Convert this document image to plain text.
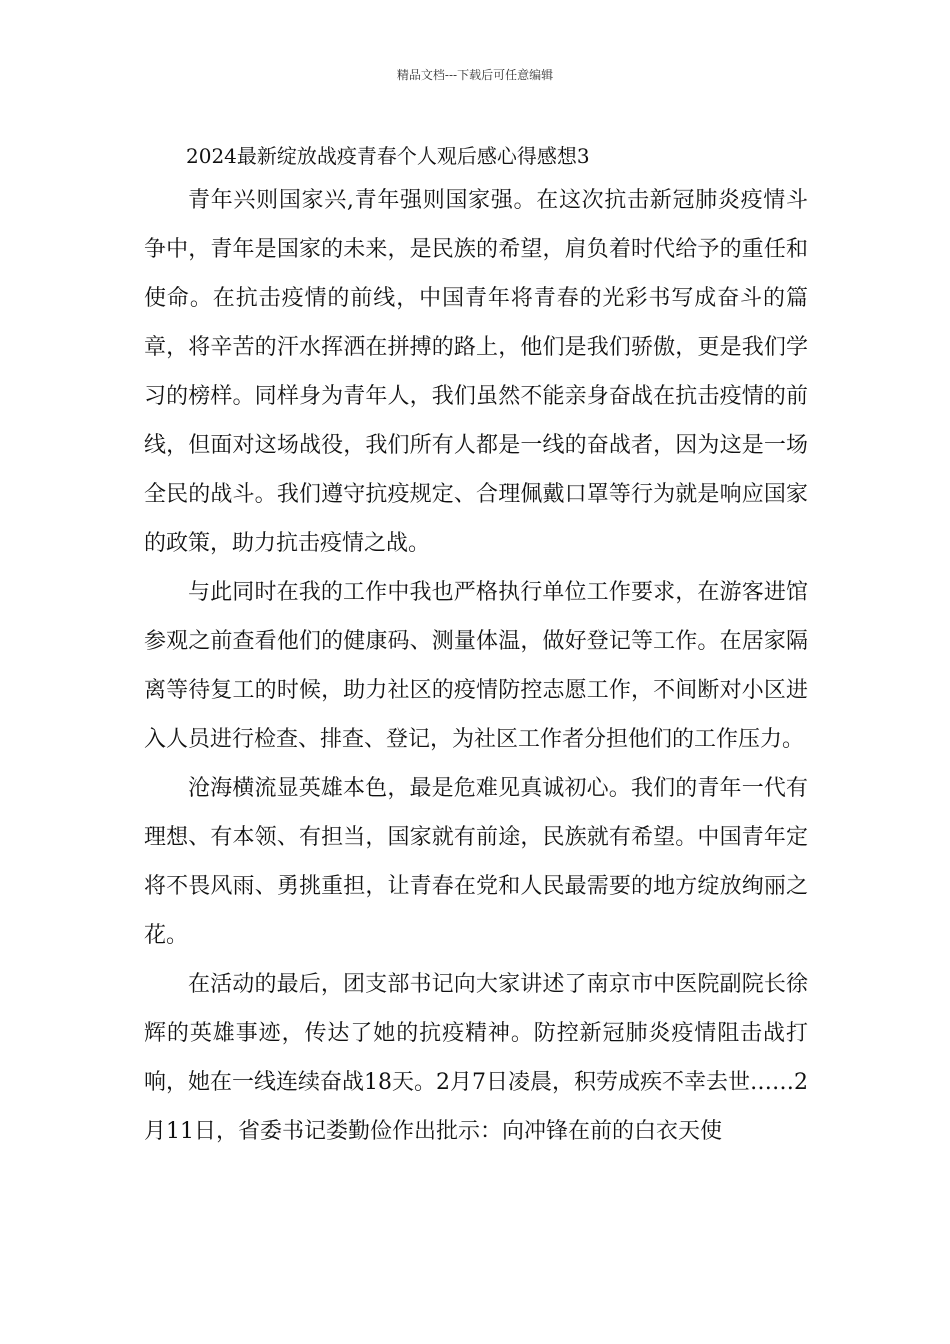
精品文档---下载后可任意编辑
2024最新绽放战疫青春个人观后感心得感想3

青年兴则国家兴,青年强则国家强。在这次抗击新冠肺炎疫情斗争中，青年是国家的未来，是民族的希望，肩负着时代给予的重任和使命。在抗击疫情的前线，中国青年将青春的光彩书写成奋斗的篇章，将辛苦的汗水挥洒在拼搏的路上，他们是我们骄傲，更是我们学习的榜样。同样身为青年人，我们虽然不能亲身奋战在抗击疫情的前线，但面对这场战役，我们所有人都是一线的奋战者，因为这是一场全民的战斗。我们遵守抗疫规定、合理佩戴口罩等行为就是响应国家的政策，助力抗击疫情之战。

与此同时在我的工作中我也严格执行单位工作要求，在游客进馆参观之前查看他们的健康码、测量体温，做好登记等工作。在居家隔离等待复工的时候，助力社区的疫情防控志愿工作，不间断对小区进入人员进行检查、排查、登记，为社区工作者分担他们的工作压力。

沧海横流显英雄本色，最是危难见真诚初心。我们的青年一代有理想、有本领、有担当，国家就有前途，民族就有希望。中国青年定将不畏风雨、勇挑重担，让青春在党和人民最需要的地方绽放绚丽之花。

在活动的最后，团支部书记向大家讲述了南京市中医院副院长徐辉的英雄事迹，传达了她的抗疫精神。防控新冠肺炎疫情阻击战打响，她在一线连续奋战18天。2月7日凌晨，积劳成疾不幸去世……2月11日，省委书记娄勤俭作出批示：向冲锋在前的白衣天使
